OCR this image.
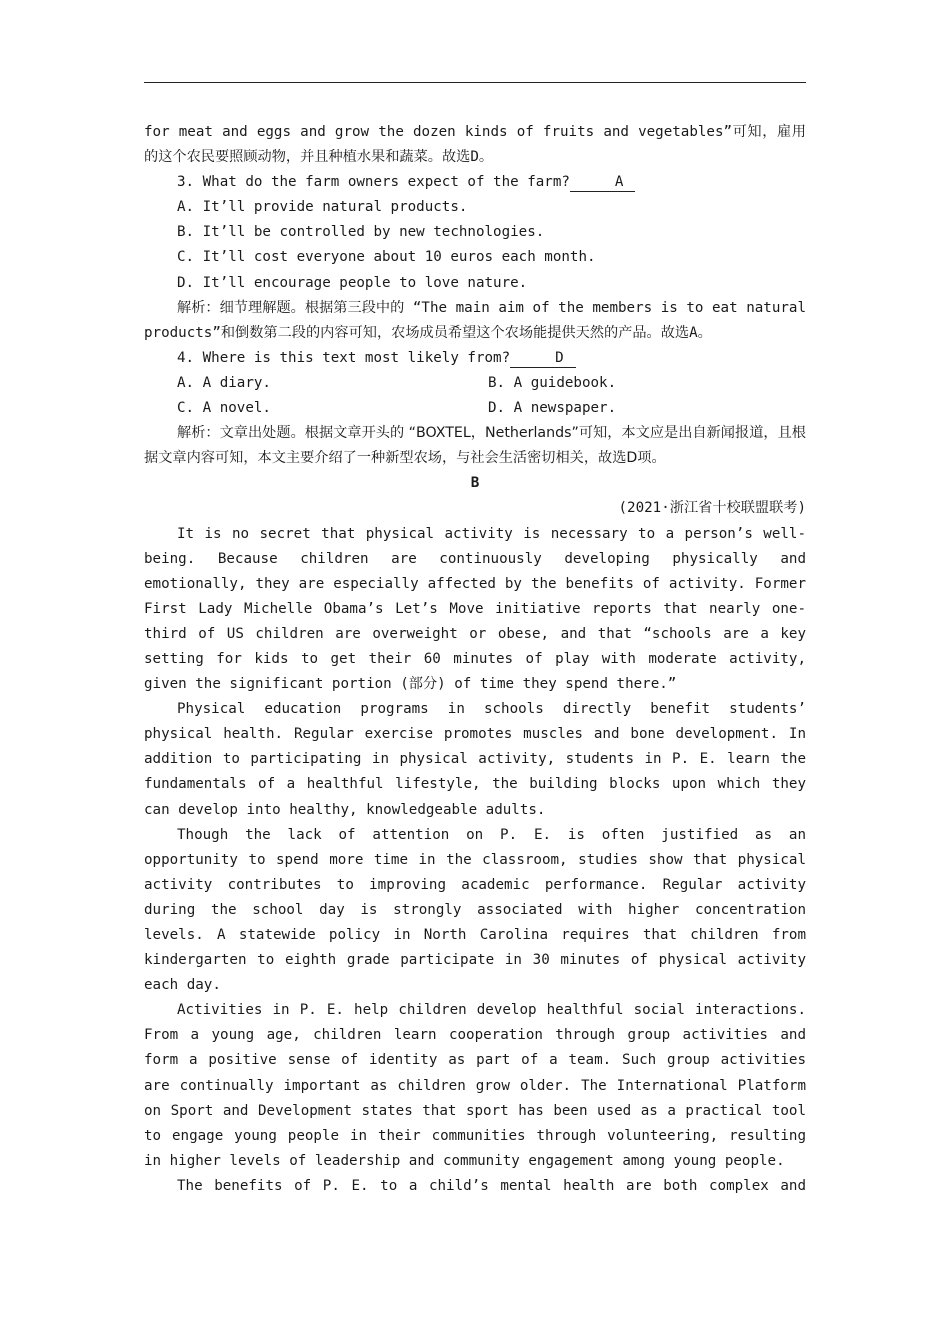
for meat and eggs and grow the dozen kinds of fruits and vegetables”可知，雇用的这个农民要照顾动物，并且种植水果和蔬菜。故选D。

3. What do the farm owners expect of the farm?	A

A. It’ll provide natural products.

B. It’ll be controlled by new technologies.

C. It’ll cost everyone about 10 euros each month.

D. It’ll encourage people to love nature.

解析：细节理解题。根据第三段中的 “The main aim of the members is to eat natural products”和倒数第二段的内容可知，农场成员希望这个农场能提供天然的产品。故选A。

4. Where is this text most likely from?	D

A. A diary.	B. A guidebook.
C. A novel.	D. A newspaper.

解析：文章出处题。根据文章开头的 “BOXTEL，Netherlands”可知，本文应是出自新闻报道，且根据文章内容可知，本文主要介绍了一种新型农场，与社会生活密切相关，故选D项。

B

(2021·浙江省十校联盟联考)

It is no secret that physical activity is necessary to a person’s well-being. Because children are continuously developing physically and emotionally, they are especially affected by the benefits of activity. Former First Lady Michelle Obama’s Let’s Move initiative reports that nearly one-third of US children are overweight or obese, and that “schools are a key setting for kids to get their 60 minutes of play with moderate activity, given the significant portion (部分) of time they spend there.”

Physical education programs in schools directly benefit students’ physical health. Regular exercise promotes muscles and bone development. In addition to participating in physical activity, students in P. E. learn the fundamentals of a healthful lifestyle, the building blocks upon which they can develop into healthy, knowledgeable adults.

Though the lack of attention on P. E. is often justified as an opportunity to spend more time in the classroom, studies show that physical activity contributes to improving academic performance. Regular activity during the school day is strongly associated with higher concentration levels. A statewide policy in North Carolina requires that children from kindergarten to eighth grade participate in 30 minutes of physical activity each day.

Activities in P. E. help children develop healthful social interactions. From a young age, children learn cooperation through group activities and form a positive sense of identity as part of a team. Such group activities are continually important as children grow older. The International Platform on Sport and Development states that sport has been used as a practical tool to engage young people in their communities through volunteering, resulting in higher levels of leadership and community engagement among young people.

The benefits of P. E. to a child’s mental health are both complex and
